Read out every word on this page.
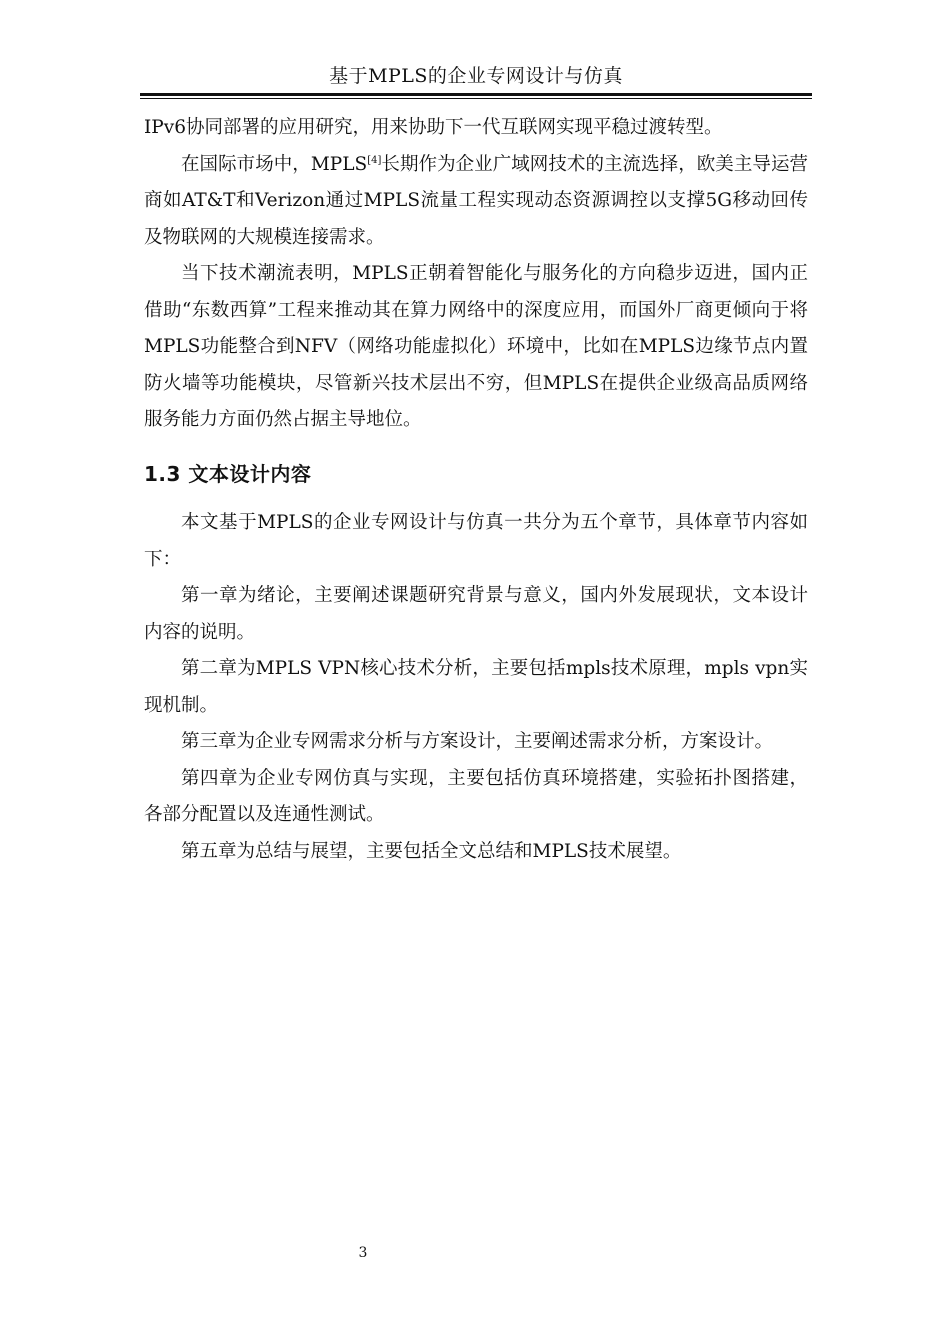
基于MPLS的企业专网设计与仿真

IPv6协同部署的应用研究，用来协助下一代互联网实现平稳过渡转型。

在国际市场中，MPLS[4]长期作为企业广域网技术的主流选择，欧美主导运营商如AT&T和Verizon通过MPLS流量工程实现动态资源调控以支撑5G移动回传及物联网的大规模连接需求。

当下技术潮流表明，MPLS正朝着智能化与服务化的方向稳步迈进，国内正借助“东数西算”工程来推动其在算力网络中的深度应用，而国外厂商更倾向于将MPLS功能整合到NFV（网络功能虚拟化）环境中，比如在MPLS边缘节点内置防火墙等功能模块，尽管新兴技术层出不穷，但MPLS在提供企业级高品质网络服务能力方面仍然占据主导地位。

1.3 文本设计内容

本文基于MPLS的企业专网设计与仿真一共分为五个章节，具体章节内容如下：

第一章为绪论，主要阐述课题研究背景与意义，国内外发展现状，文本设计内容的说明。

第二章为MPLS VPN核心技术分析，主要包括mpls技术原理，mpls vpn实现机制。

第三章为企业专网需求分析与方案设计，主要阐述需求分析，方案设计。

第四章为企业专网仿真与实现，主要包括仿真环境搭建，实验拓扑图搭建，各部分配置以及连通性测试。

第五章为总结与展望，主要包括全文总结和MPLS技术展望。

3
